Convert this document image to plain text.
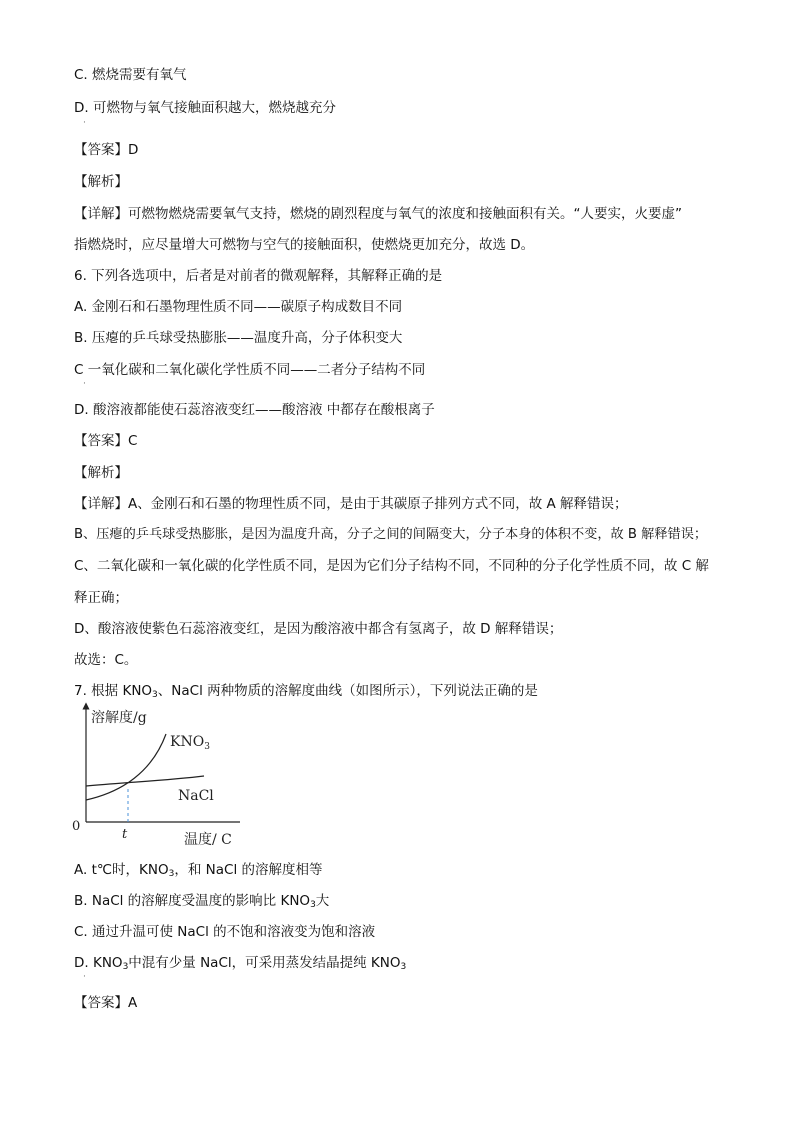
C. 燃烧需要有氧气
D. 可燃物与氧气接触面积越大，燃烧越充分
·
【答案】D
【解析】
【详解】可燃物燃烧需要氧气支持，燃烧的剧烈程度与氧气的浓度和接触面积有关。“人要实，火要虚”
指燃烧时，应尽量增大可燃物与空气的接触面积，使燃烧更加充分，故选 D。
6. 下列各选项中，后者是对前者的微观解释，其解释正确的是
A. 金刚石和石墨物理性质不同——碳原子构成数目不同
B. 压瘪的乒乓球受热膨胀——温度升高，分子体积变大
C 一氧化碳和二氧化碳化学性质不同——二者分子结构不同
·
D. 酸溶液都能使石蕊溶液变红——酸溶液 中都存在酸根离子
【答案】C
【解析】
【详解】A、金刚石和石墨的物理性质不同，是由于其碳原子排列方式不同，故 A 解释错误；
B、压瘪的乒乓球受热膨胀，是因为温度升高，分子之间的间隔变大，分子本身的体积不变，故 B 解释错误；
C、二氧化碳和一氧化碳的化学性质不同，是因为它们分子结构不同，不同种的分子化学性质不同，故 C 解
释正确；
D、酸溶液使紫色石蕊溶液变红，是因为酸溶液中都含有氢离子，故 D 解释错误；
故选：C。
7. 根据 $KNO_3$、NaCl 两种物质的溶解度曲线（如图所示），下列说法正确的是
溶解度/g
$KNO_3$
NaCl
0
t	温度/ C
A. t℃时，$KNO_3$，和 NaCl 的溶解度相等
B. NaCl 的溶解度受温度的影响比 $KNO_3$大
C. 通过升温可使 NaCl 的不饱和溶液变为饱和溶液
D. $KNO_3$中混有少量 NaCl，可采用蒸发结晶提纯 $KNO_3$
·
【答案】A
